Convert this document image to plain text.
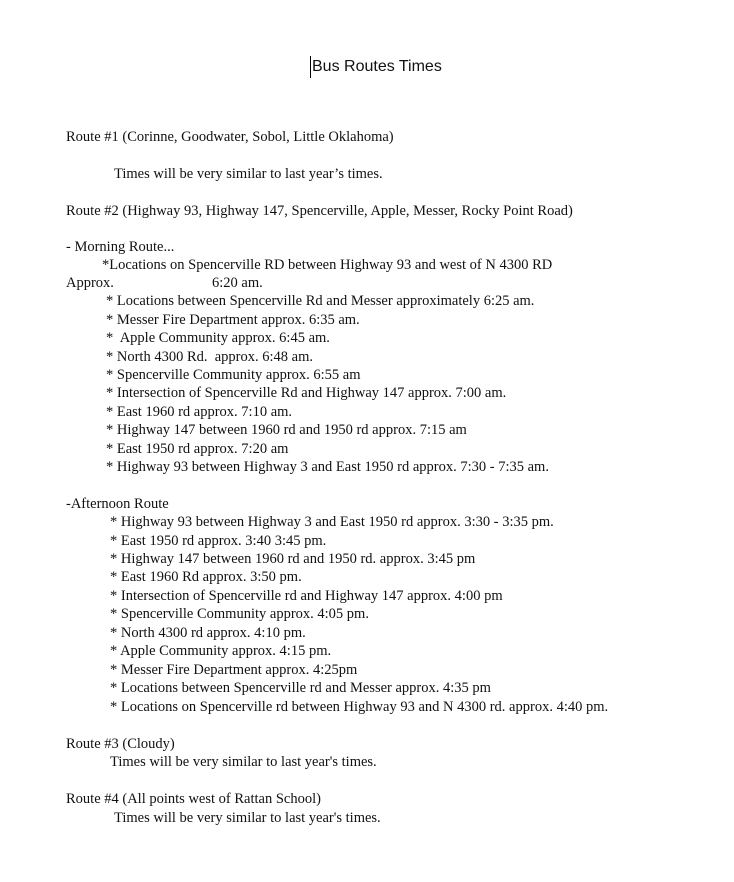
Bus Routes Times
Route #1 (Corinne, Goodwater, Sobol, Little Oklahoma)
Times will be very similar to last year’s times.
Route #2 (Highway 93, Highway 147, Spencerville, Apple, Messer, Rocky Point Road)
- Morning Route...
*Locations on Spencerville RD between Highway 93 and west of N 4300 RD
Approx.	6:20 am.
* Locations between Spencerville Rd and Messer approximately 6:25 am.
* Messer Fire Department approx. 6:35 am.
*  Apple Community approx. 6:45 am.
* North 4300 Rd.  approx. 6:48 am.
* Spencerville Community approx. 6:55 am
* Intersection of Spencerville Rd and Highway 147 approx. 7:00 am.
* East 1960 rd approx. 7:10 am.
* Highway 147 between 1960 rd and 1950 rd approx. 7:15 am
* East 1950 rd approx. 7:20 am
* Highway 93 between Highway 3 and East 1950 rd approx. 7:30 - 7:35 am.
-Afternoon Route
* Highway 93 between Highway 3 and East 1950 rd approx. 3:30 - 3:35 pm.
* East 1950 rd approx. 3:40 3:45 pm.
* Highway 147 between 1960 rd and 1950 rd. approx. 3:45 pm
* East 1960 Rd approx. 3:50 pm.
* Intersection of Spencerville rd and Highway 147 approx. 4:00 pm
* Spencerville Community approx. 4:05 pm.
* North 4300 rd approx. 4:10 pm.
* Apple Community approx. 4:15 pm.
* Messer Fire Department approx. 4:25pm
* Locations between Spencerville rd and Messer approx. 4:35 pm
* Locations on Spencerville rd between Highway 93 and N 4300 rd. approx. 4:40 pm.
Route #3 (Cloudy)
Times will be very similar to last year's times.
Route #4 (All points west of Rattan School)
Times will be very similar to last year's times.
